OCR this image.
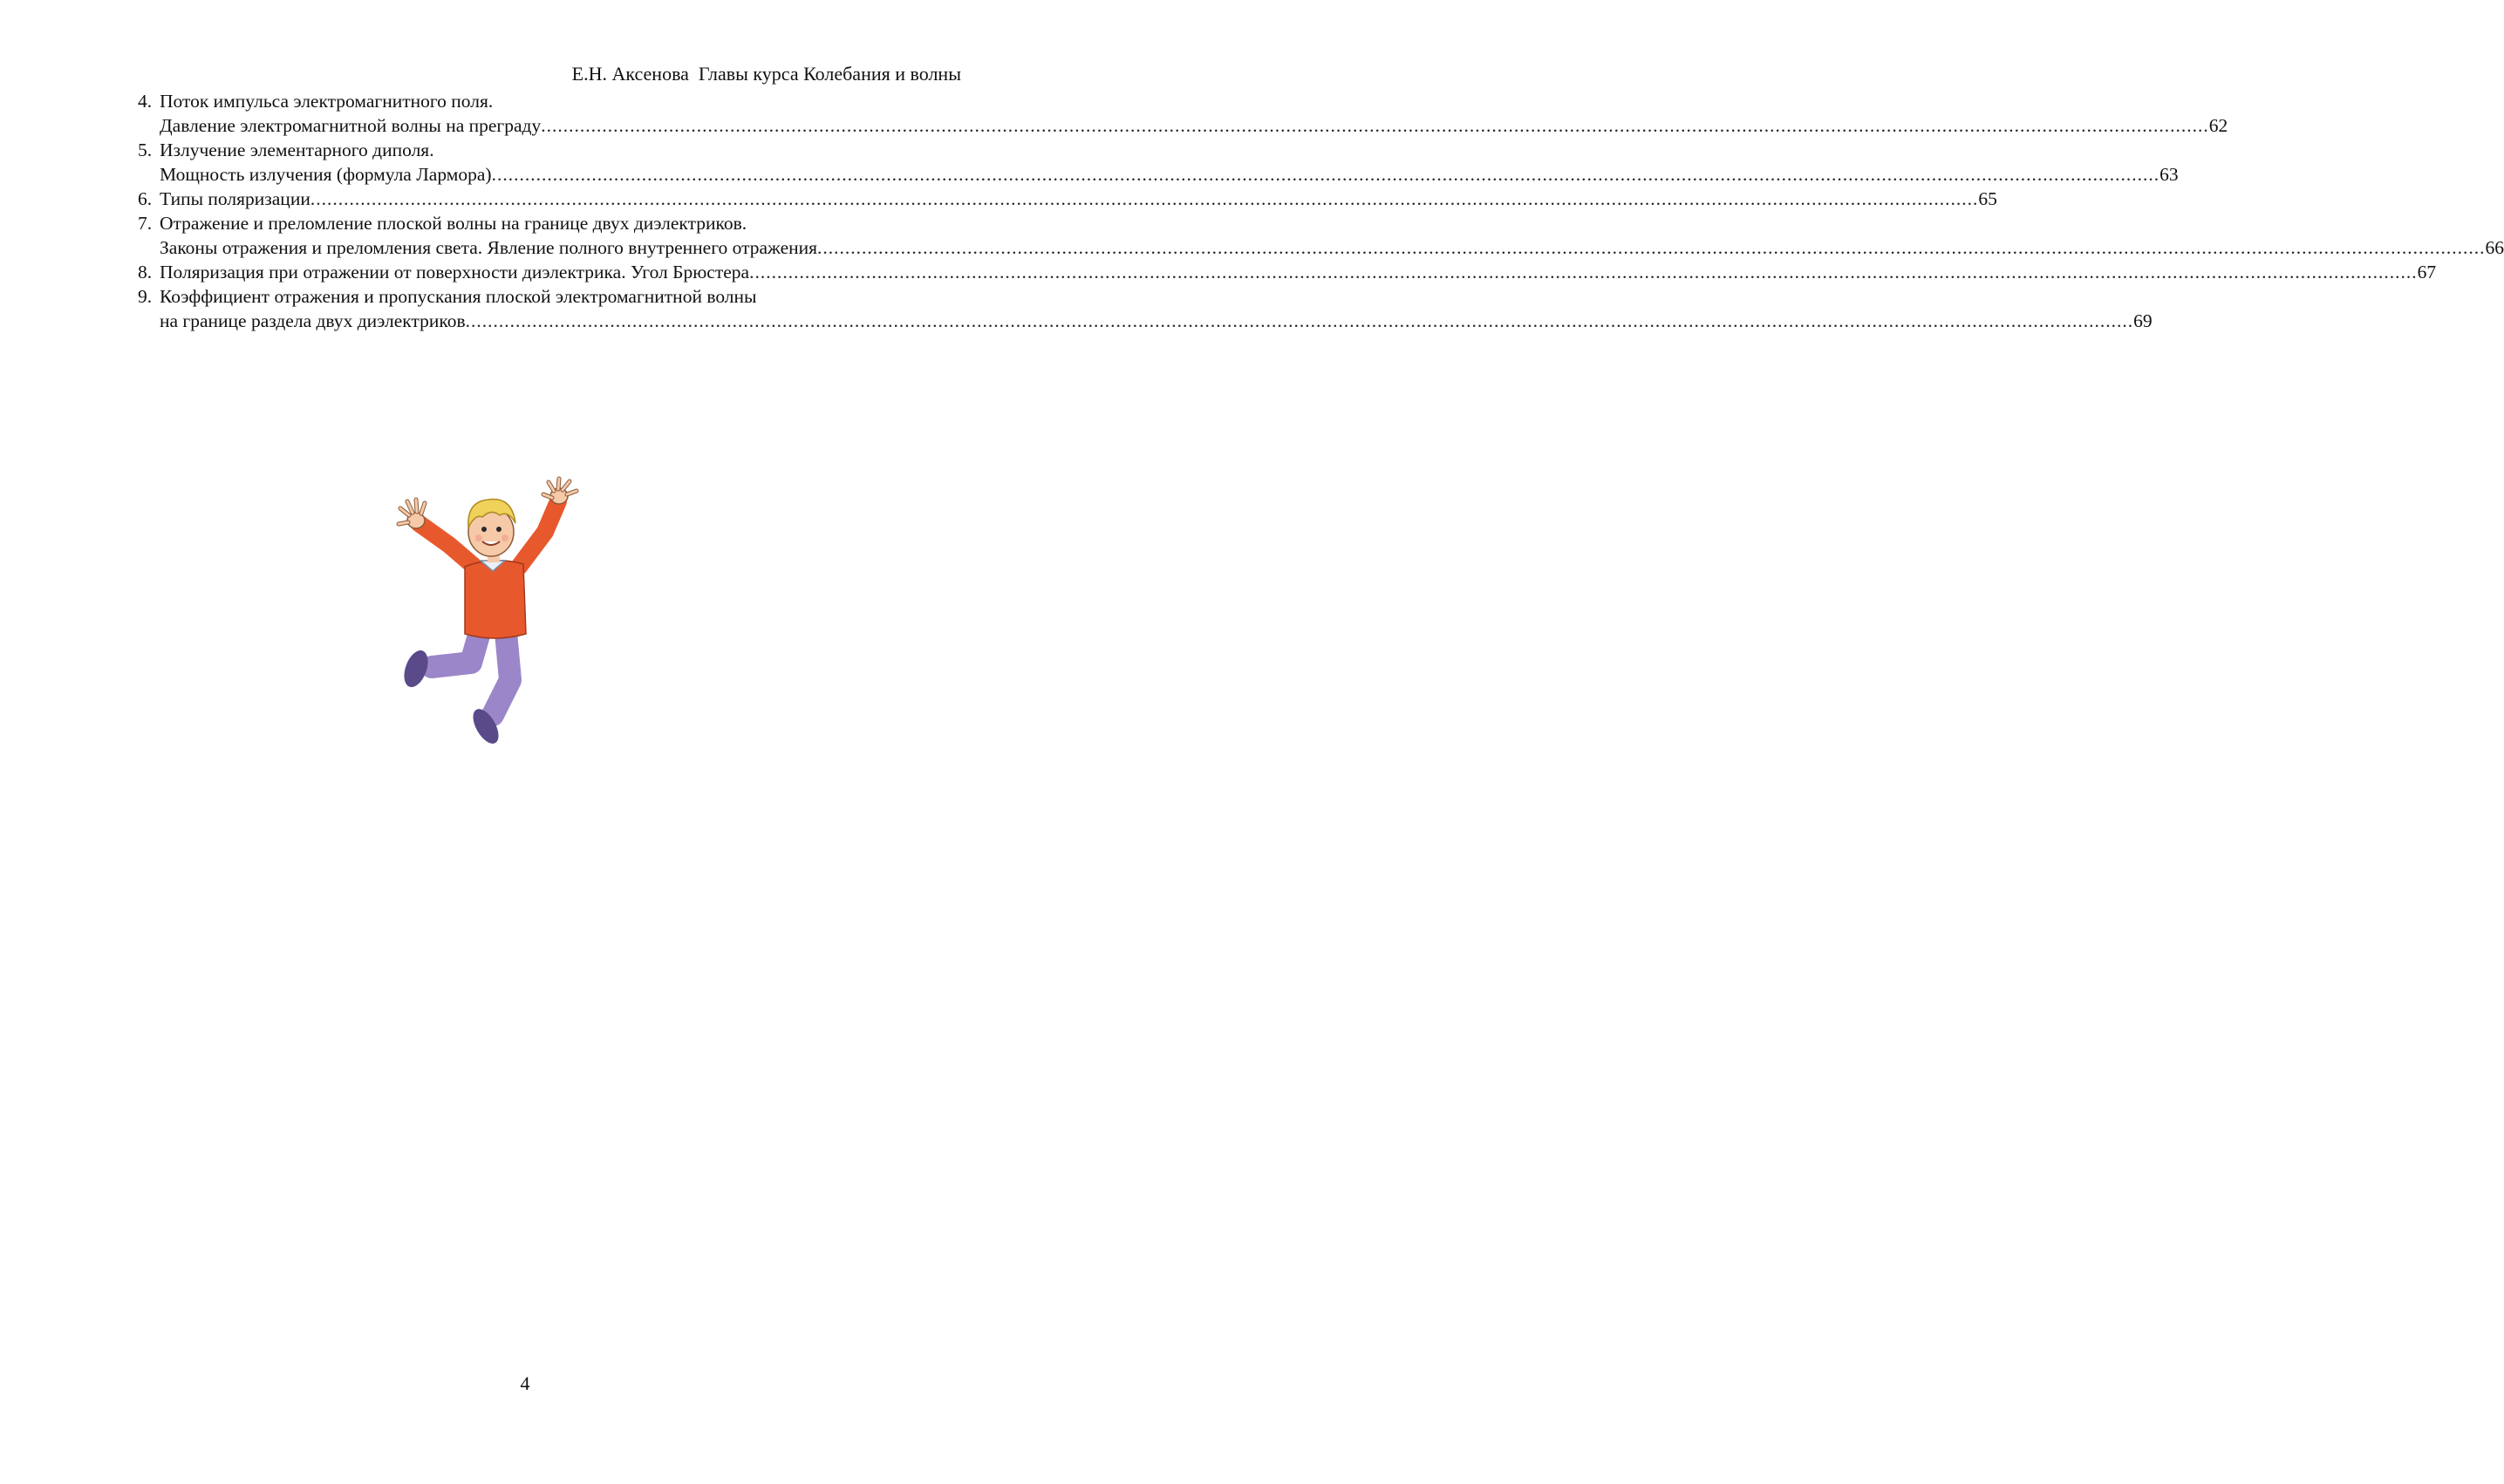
Е.Н. Аксенова  Главы курса Колебания и волны
4. Поток импульса электромагнитного поля.
Давление электромагнитной волны на преграду ............................................................................................................................................................................................................................................................................................................ 62
5. Излучение элементарного диполя.
Мощность излучения (формула Лармора) ............................................................................................................................................................................................................................................................................................................ 63
6. Типы поляризации ............................................................................................................................................................................................................................................................................................................ 65
7. Отражение и преломление плоской волны на границе двух диэлектриков.
Законы отражения и преломления света. Явление полного внутреннего отражения ............................................................................................................................................................................................................................................................................................................ 66
8. Поляризация при отражении от поверхности диэлектрика. Угол Брюстера ............................................................................................................................................................................................................................................................................................................ 67
9. Коэффициент отражения и пропускания плоской электромагнитной волны
на границе раздела двух диэлектриков ............................................................................................................................................................................................................................................................................................................ 69
4
